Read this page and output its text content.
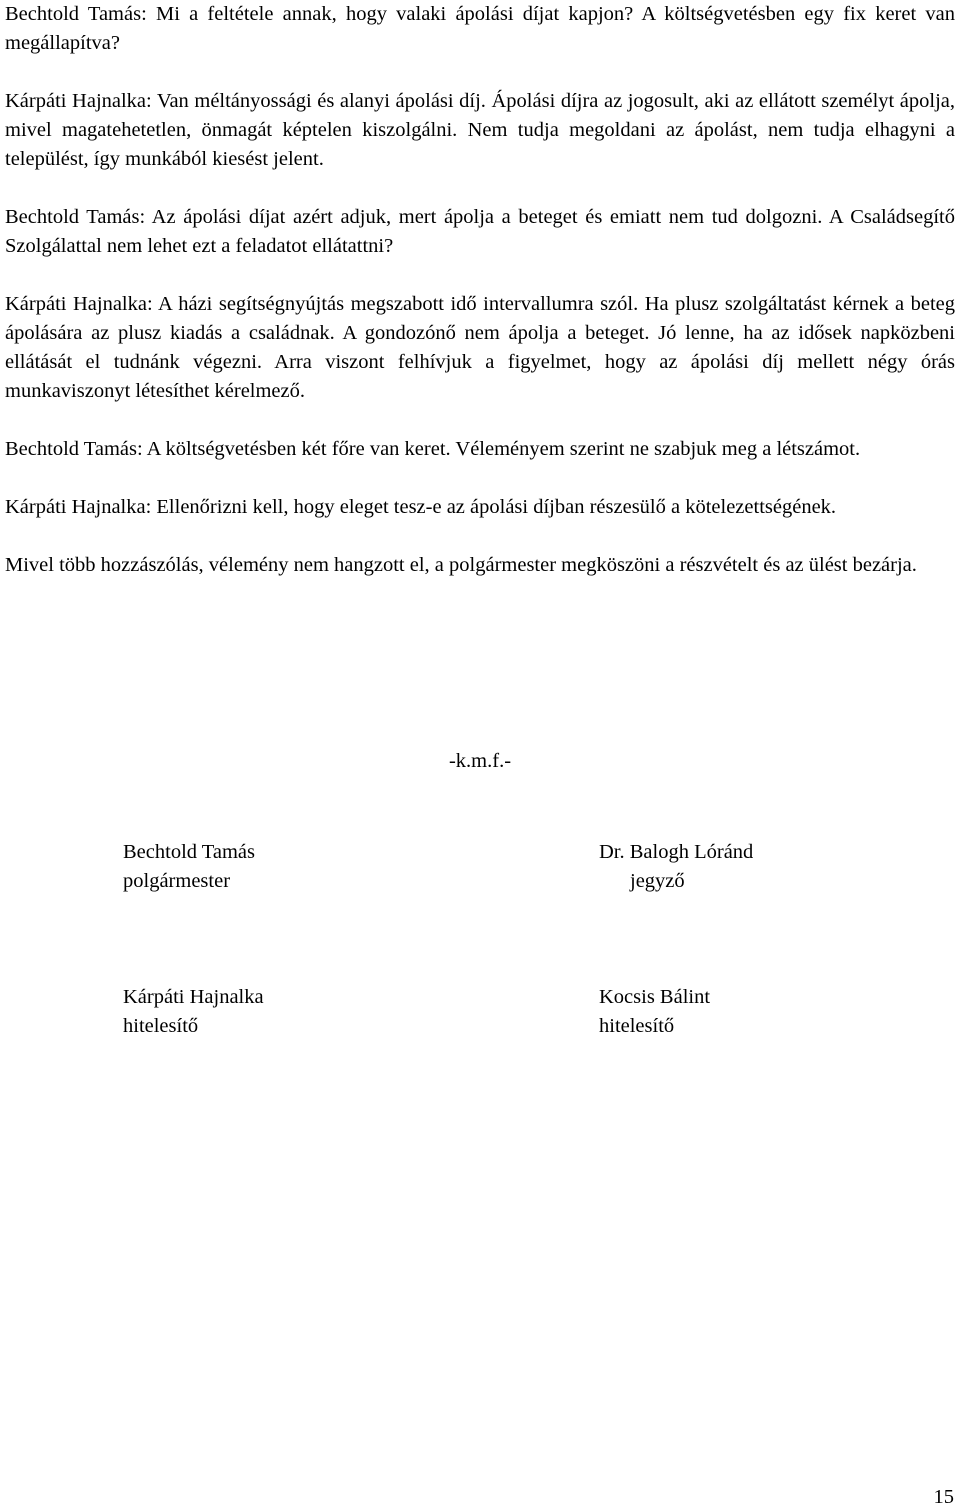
Bechtold Tamás: Mi a feltétele annak, hogy valaki ápolási díjat kapjon? A költségvetésben egy fix keret van megállapítva?

Kárpáti Hajnalka: Van méltányossági és alanyi ápolási díj. Ápolási díjra az jogosult, aki az ellátott személyt ápolja, mivel magatehetetlen, önmagát képtelen kiszolgálni. Nem tudja megoldani az ápolást, nem tudja elhagyni a települést, így munkából kiesést jelent.

Bechtold Tamás: Az ápolási díjat azért adjuk, mert ápolja a beteget és emiatt nem tud dolgozni. A Családsegítő Szolgálattal nem lehet ezt a feladatot ellátattni?

Kárpáti Hajnalka: A házi segítségnyújtás megszabott idő intervallumra szól. Ha plusz szolgáltatást kérnek a beteg ápolására az plusz kiadás a családnak. A gondozónő nem ápolja a beteget. Jó lenne, ha az idősek napközbeni ellátását el tudnánk végezni. Arra viszont felhívjuk a figyelmet, hogy az ápolási díj mellett négy órás munkaviszonyt létesíthet kérelmező.

Bechtold Tamás: A költségvetésben két főre van keret. Véleményem szerint ne szabjuk meg a létszámot.

Kárpáti Hajnalka: Ellenőrizni kell, hogy eleget tesz-e az ápolási díjban részesülő a kötelezettségének.

Mivel több hozzászólás, vélemény nem hangzott el, a polgármester megköszöni a részvételt és az ülést bezárja.

-k.m.f.-
Bechtold Tamás
polgármester
Dr. Balogh Lóránd
jegyző
Kárpáti Hajnalka
hitelesítő
Kocsis Bálint
hitelesítő
15
